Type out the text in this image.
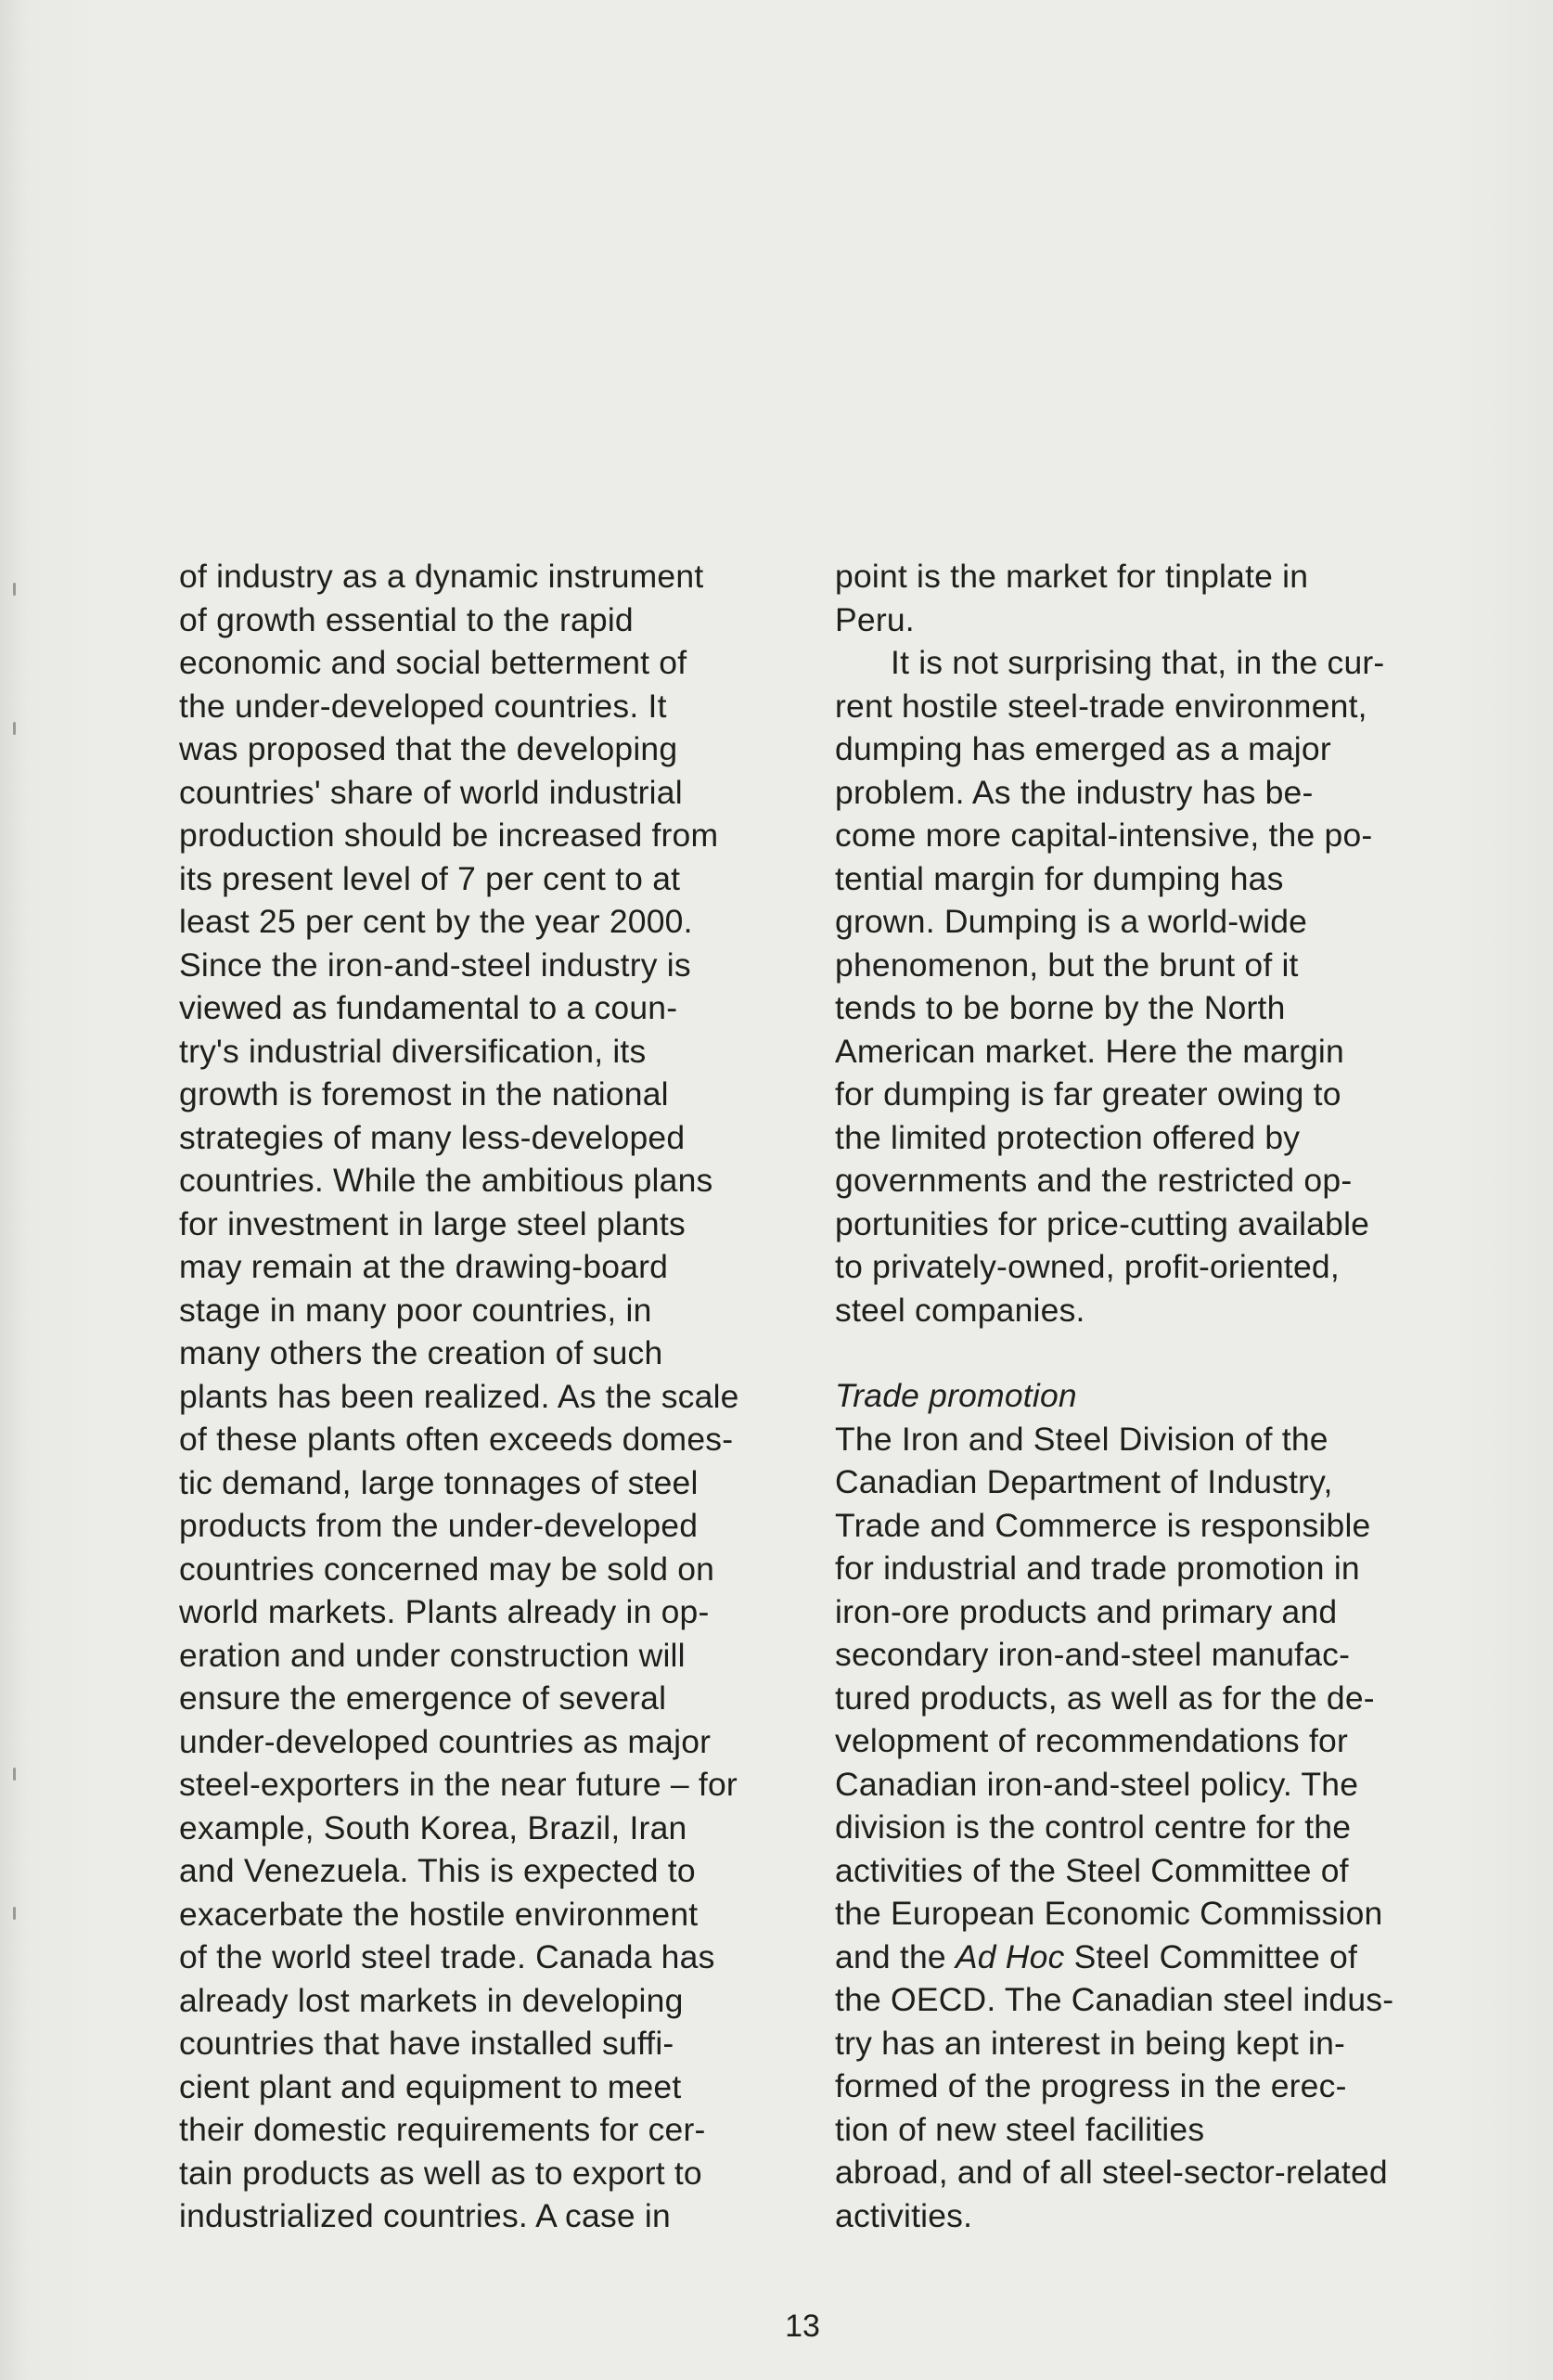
of industry as a dynamic instrument
of growth essential to the rapid
economic and social betterment of
the under-developed countries. It
was proposed that the developing
countries' share of world industrial
production should be increased from
its present level of 7 per cent to at
least 25 per cent by the year 2000.
Since the iron-and-steel industry is
viewed as fundamental to a coun-
try's industrial diversification, its
growth is foremost in the national
strategies of many less-developed
countries. While the ambitious plans
for investment in large steel plants
may remain at the drawing-board
stage in many poor countries, in
many others the creation of such
plants has been realized. As the scale
of these plants often exceeds domes-
tic demand, large tonnages of steel
products from the under-developed
countries concerned may be sold on
world markets. Plants already in op-
eration and under construction will
ensure the emergence of several
under-developed countries as major
steel-exporters in the near future – for
example, South Korea, Brazil, Iran
and Venezuela. This is expected to
exacerbate the hostile environment
of the world steel trade. Canada has
already lost markets in developing
countries that have installed suffi-
cient plant and equipment to meet
their domestic requirements for cer-
tain products as well as to export to
industrialized countries. A case in
point is the market for tinplate in
Peru.
It is not surprising that, in the cur-
rent hostile steel-trade environment,
dumping has emerged as a major
problem. As the industry has be-
come more capital-intensive, the po-
tential margin for dumping has
grown. Dumping is a world-wide
phenomenon, but the brunt of it
tends to be borne by the North
American market. Here the margin
for dumping is far greater owing to
the limited protection offered by
governments and the restricted op-
portunities for price-cutting available
to privately-owned, profit-oriented,
steel companies.
Trade promotion
The Iron and Steel Division of the
Canadian Department of Industry,
Trade and Commerce is responsible
for industrial and trade promotion in
iron-ore products and primary and
secondary iron-and-steel manufac-
tured products, as well as for the de-
velopment of recommendations for
Canadian iron-and-steel policy. The
division is the control centre for the
activities of the Steel Committee of
the European Economic Commission
and the Ad Hoc Steel Committee of
the OECD. The Canadian steel indus-
try has an interest in being kept in-
formed of the progress in the erec-
tion of new steel facilities
abroad, and of all steel-sector-related
activities.
13
